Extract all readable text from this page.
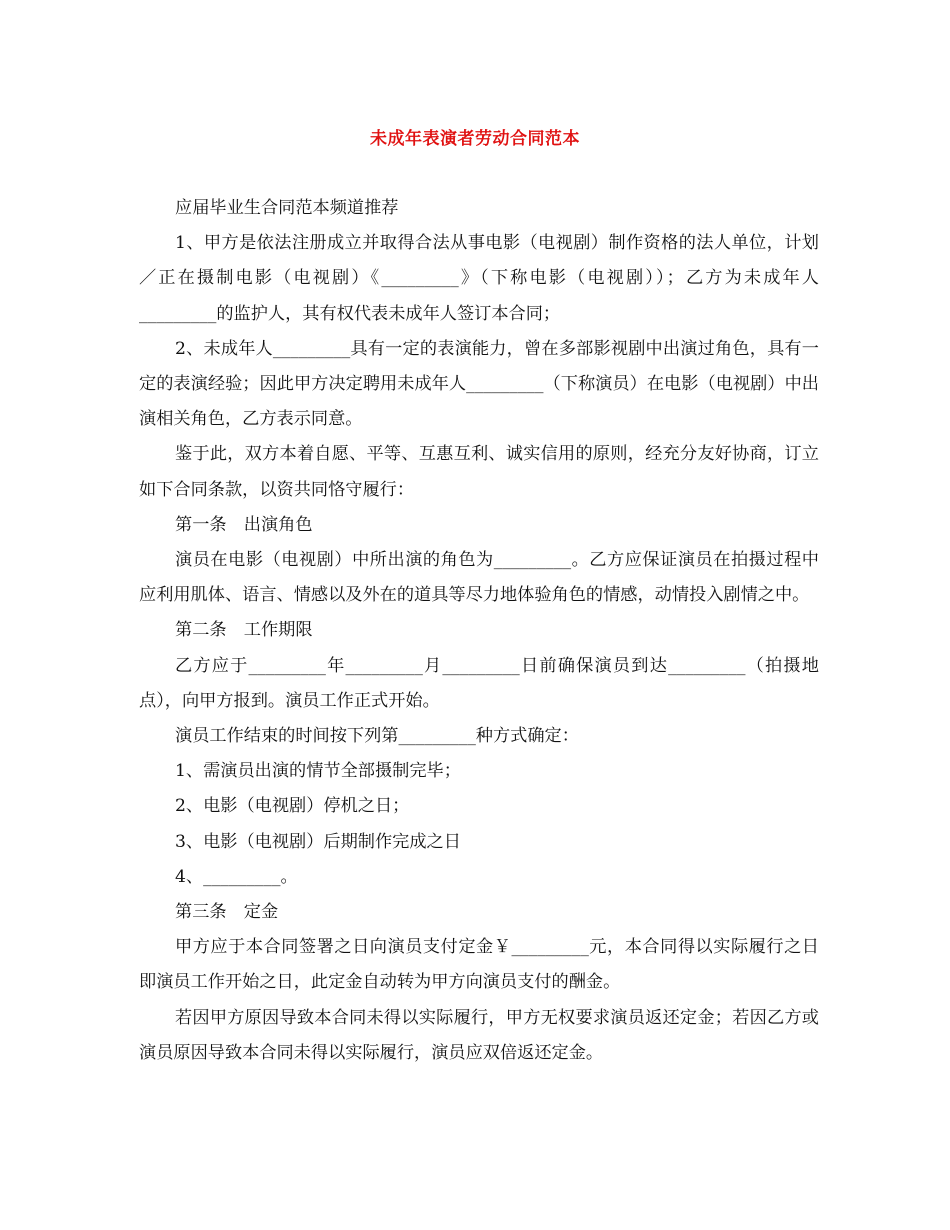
未成年表演者劳动合同范本

应届毕业生合同范本频道推荐

1、甲方是依法注册成立并取得合法从事电影（电视剧）制作资格的法人单位，计划／正在摄制电影（电视剧）《_________》（下称电影（电视剧））；乙方为未成年人_________的监护人，其有权代表未成年人签订本合同；

2、未成年人_________具有一定的表演能力，曾在多部影视剧中出演过角色，具有一定的表演经验；因此甲方决定聘用未成年人_________（下称演员）在电影（电视剧）中出演相关角色，乙方表示同意。

鉴于此，双方本着自愿、平等、互惠互利、诚实信用的原则，经充分友好协商，订立如下合同条款，以资共同恪守履行：

第一条　出演角色

演员在电影（电视剧）中所出演的角色为_________。乙方应保证演员在拍摄过程中应利用肌体、语言、情感以及外在的道具等尽力地体验角色的情感，动情投入剧情之中。

第二条　工作期限

乙方应于_________年_________月_________日前确保演员到达_________（拍摄地点），向甲方报到。演员工作正式开始。

演员工作结束的时间按下列第_________种方式确定：

1、需演员出演的情节全部摄制完毕；

2、电影（电视剧）停机之日；

3、电影（电视剧）后期制作完成之日

4、_________。

第三条　定金

甲方应于本合同签署之日向演员支付定金￥_________元，本合同得以实际履行之日即演员工作开始之日，此定金自动转为甲方向演员支付的酬金。

若因甲方原因导致本合同未得以实际履行，甲方无权要求演员返还定金；若因乙方或演员原因导致本合同未得以实际履行，演员应双倍返还定金。
